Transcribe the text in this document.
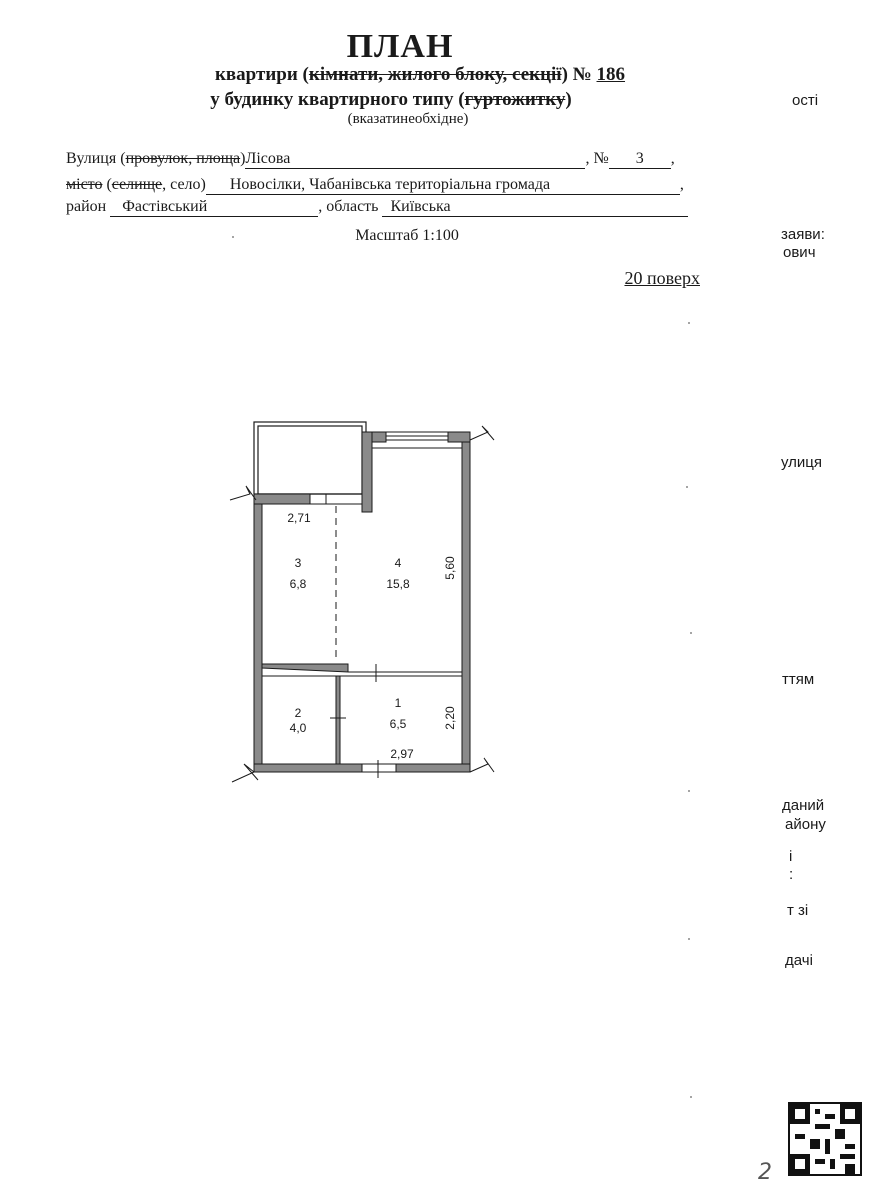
ПЛАН
квартири (кімнати, жилого блоку, секції) № 186
у будинку квартирного типу (гуртожитку)
(вказатинеобхідне)
Вулиця (провулок, площа)Лісова	, № 3 ,
місто (селище, село) Новосілки, Чабанівська територіальна громада	,
район Фастівський	, область Київська
Масштаб 1:100
20 поверх
2,71
3
6,8
4
15,8
5,60
2
4,0
1
6,5	2,20
2,97
ості
заяви:
ович
улиця
ттям
даний
айону
і
:
т зі
дачі
2
